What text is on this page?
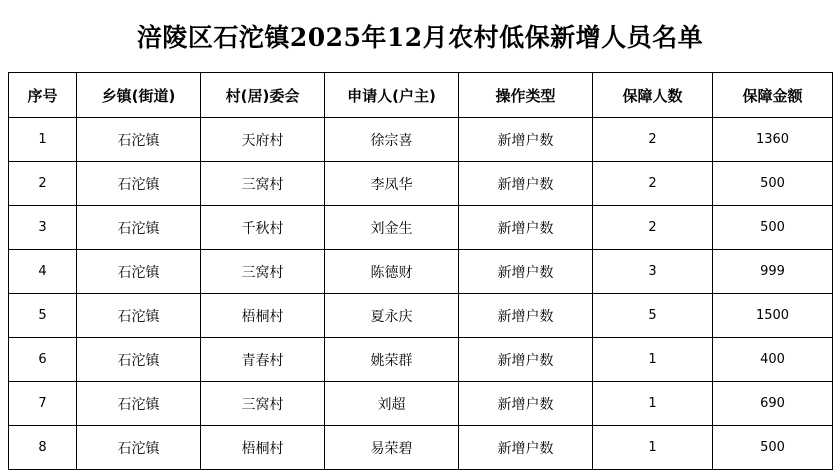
涪陵区石沱镇2025年12月农村低保新增人员名单
序号	乡镇(街道)	村(居)委会	申请人(户主)	操作类型	保障人数	保障金额
1	石沱镇	天府村	徐宗喜	新增户数	2	1360
2	石沱镇	三窝村	李凤华	新增户数	2	500
3	石沱镇	千秋村	刘金生	新增户数	2	500
4	石沱镇	三窝村	陈德财	新增户数	3	999
5	石沱镇	梧桐村	夏永庆	新增户数	5	1500
6	石沱镇	青春村	姚荣群	新增户数	1	400
7	石沱镇	三窝村	刘超	新增户数	1	690
8	石沱镇	梧桐村	易荣碧	新增户数	1	500
